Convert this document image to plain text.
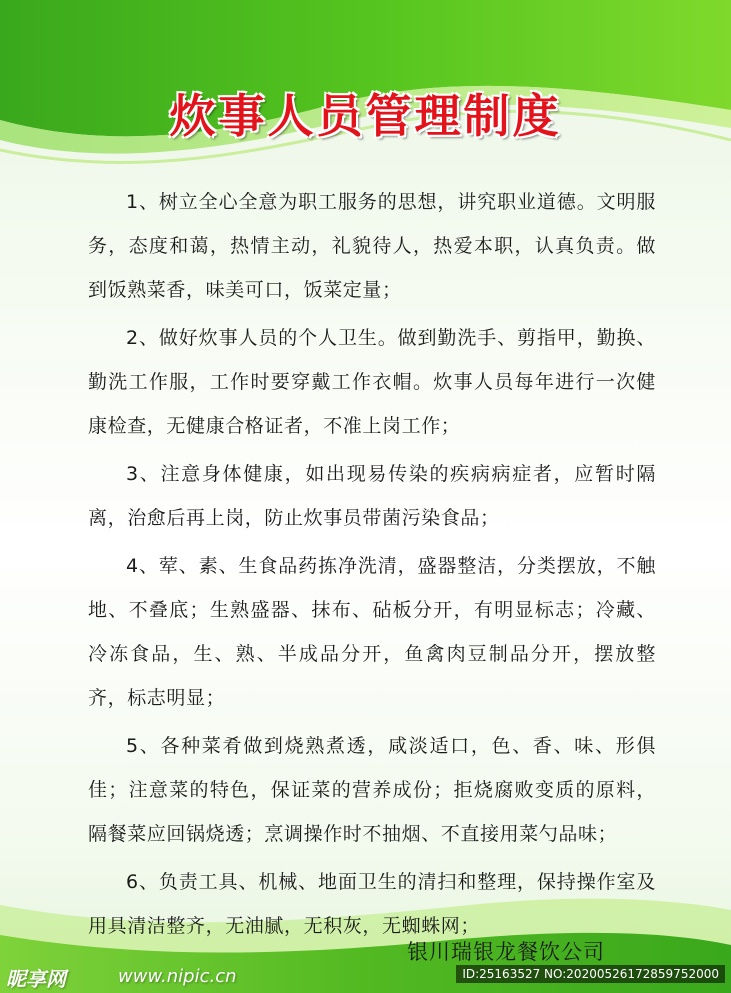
炊事人员管理制度

1、树立全心全意为职工服务的思想，讲究职业道德。文明服务，态度和蔼，热情主动，礼貌待人，热爱本职，认真负责。做到饭熟菜香，味美可口，饭菜定量；

2、做好炊事人员的个人卫生。做到勤洗手、剪指甲，勤换、勤洗工作服，工作时要穿戴工作衣帽。炊事人员每年进行一次健康检查，无健康合格证者，不准上岗工作；

3、注意身体健康，如出现易传染的疾病病症者，应暂时隔离，治愈后再上岗，防止炊事员带菌污染食品；

4、荤、素、生食品药拣净洗清，盛器整洁，分类摆放，不触地、不叠底；生熟盛器、抹布、砧板分开，有明显标志；冷藏、冷冻食品，生、熟、半成品分开，鱼禽肉豆制品分开，摆放整齐，标志明显；

5、各种菜肴做到烧熟煮透，咸淡适口，色、香、味、形俱佳；注意菜的特色，保证菜的营养成份；拒烧腐败变质的原料，隔餐菜应回锅烧透；烹调操作时不抽烟、不直接用菜勺品味；

6、负责工具、机械、地面卫生的清扫和整理，保持操作室及用具清洁整齐，无油腻，无积灰，无蜘蛛网；

银川瑞银龙餐饮公司
昵享网	www.nipic.cn	ID:25163527 NO:20200526172859752000
